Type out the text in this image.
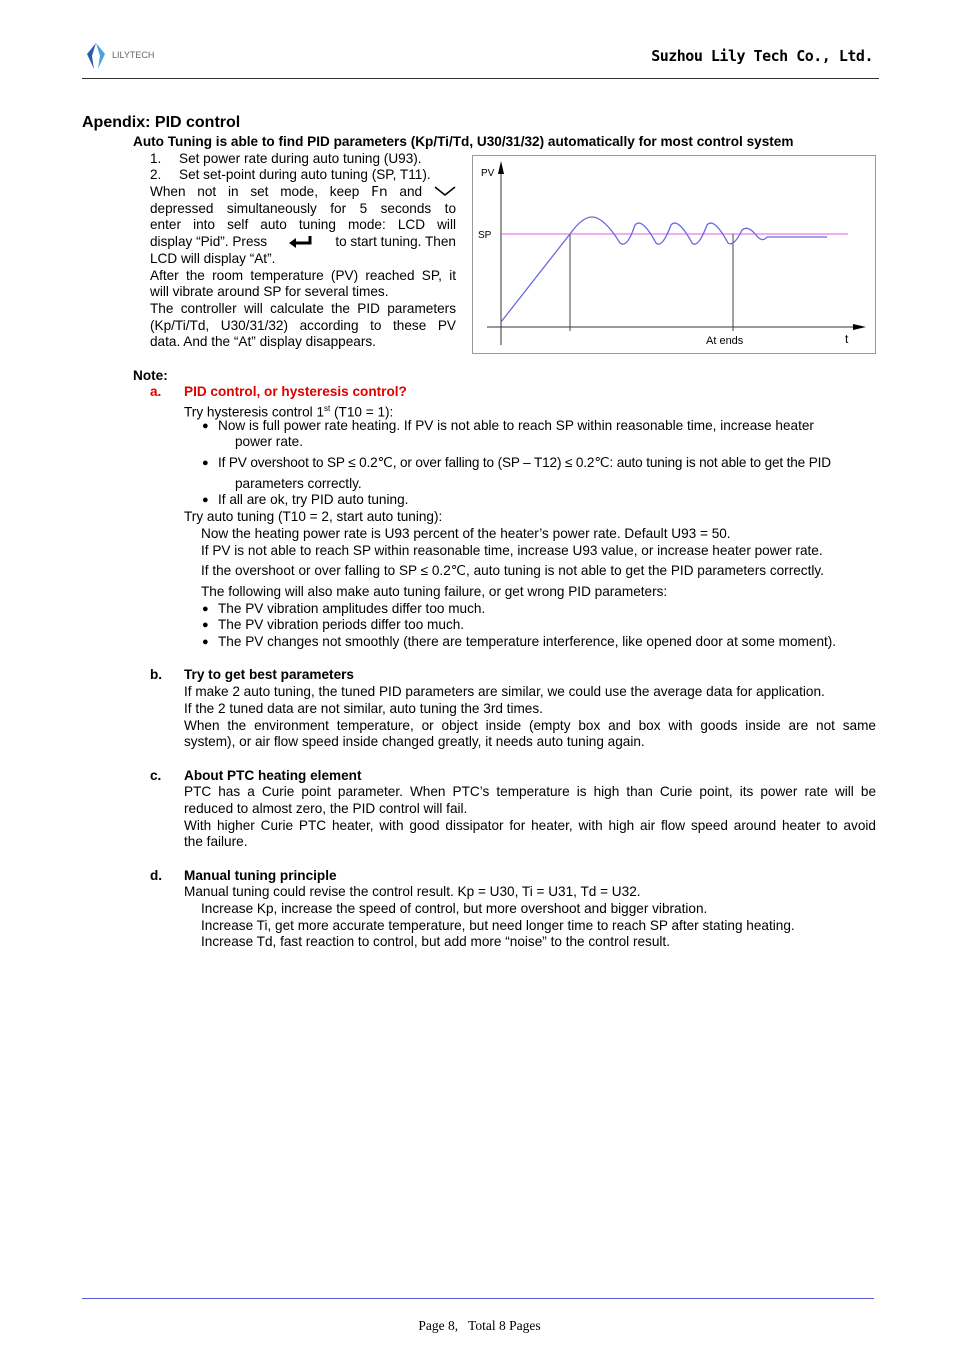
LILYTECH	Suzhou Lily Tech Co., Ltd.
Apendix: PID control
Auto Tuning is able to find PID parameters (Kp/Ti/Td, U30/31/32) automatically for most control system
1. Set power rate during auto tuning (U93).
2. Set set-point during auto tuning (SP, T11).
When not in set mode, keep Fn and
depressed simultaneously for 5 seconds to
enter into self auto tuning mode: LCD will
display “Pid”. Press	to start tuning. Then
LCD will display “At”.
After the room temperature (PV) reached SP, it
will vibrate around SP for several times.
The controller will calculate the PID parameters
(Kp/Ti/Td, U30/31/32) according to these PV
data. And the “At” display disappears.
PV
SP
At ends	t
Note:
a. PID control, or hysteresis control?
Try hysteresis control 1st (T10 = 1):
● Now is full power rate heating. If PV is not able to reach SP within reasonable time, increase heater
power rate.
● If PV overshoot to SP ≤ 0.2℃, or over falling to (SP – T12) ≤ 0.2℃: auto tuning is not able to get the PID
parameters correctly.
● If all are ok, try PID auto tuning.
Try auto tuning (T10 = 2, start auto tuning):
Now the heating power rate is U93 percent of the heater’s power rate. Default U93 = 50.
If PV is not able to reach SP within reasonable time, increase U93 value, or increase heater power rate.
If the overshoot or over falling to SP ≤ 0.2℃, auto tuning is not able to get the PID parameters correctly.
The following will also make auto tuning failure, or get wrong PID parameters:
● The PV vibration amplitudes differ too much.
● The PV vibration periods differ too much.
● The PV changes not smoothly (there are temperature interference, like opened door at some moment).
b. Try to get best parameters
If make 2 auto tuning, the tuned PID parameters are similar, we could use the average data for application.
If the 2 tuned data are not similar, auto tuning the 3rd times.
When the environment temperature, or object inside (empty box and box with goods inside are not same
system), or air flow speed inside changed greatly, it needs auto tuning again.
c. About PTC heating element
PTC has a Curie point parameter. When PTC’s temperature is high than Curie point, its power rate will be
reduced to almost zero, the PID control will fail.
With higher Curie PTC heater, with good dissipator for heater, with high air flow speed around heater to avoid
the failure.
d. Manual tuning principle
Manual tuning could revise the control result. Kp = U30, Ti = U31, Td = U32.
Increase Kp, increase the speed of control, but more overshoot and bigger vibration.
Increase Ti, get more accurate temperature, but need longer time to reach SP after stating heating.
Increase Td, fast reaction to control, but add more “noise” to the control result.
Page 8,   Total 8 Pages
